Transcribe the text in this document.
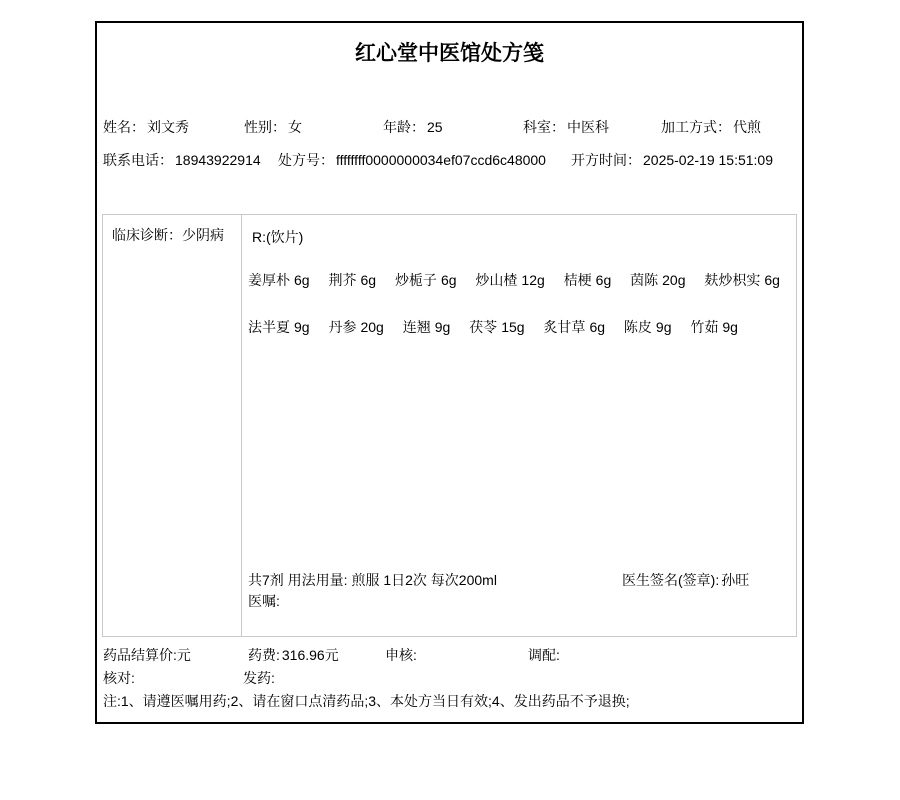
红心堂中医馆处方笺
姓名： 刘文秀	性别： 女	年龄： 25	科室： 中医科	加工方式： 代煎
联系电话： 18943922914 处方号： ffffffff0000000034ef07ccd6c48000 开方时间： 2025-02-19 15:51:09
临床诊断：少阴病 R:(饮片)
姜厚朴 6g 荆芥 6g 炒栀子 6g 炒山楂 12g 桔梗 6g 茵陈 20g 麸炒枳实 6g
法半夏 9g 丹参 20g 连翘 9g 茯苓 15g 炙甘草 6g 陈皮 9g 竹茹 9g
共7剂 用法用量: 煎服 1日2次 每次200ml
医嘱:
医生签名(签章): 孙旺
药品结算价:元	药费: 316.96元	申核:	调配:
核对:	发药:
注:1、请遵医嘱用药;2、请在窗口点清药品;3、本处方当日有效;4、发出药品不予退换;
